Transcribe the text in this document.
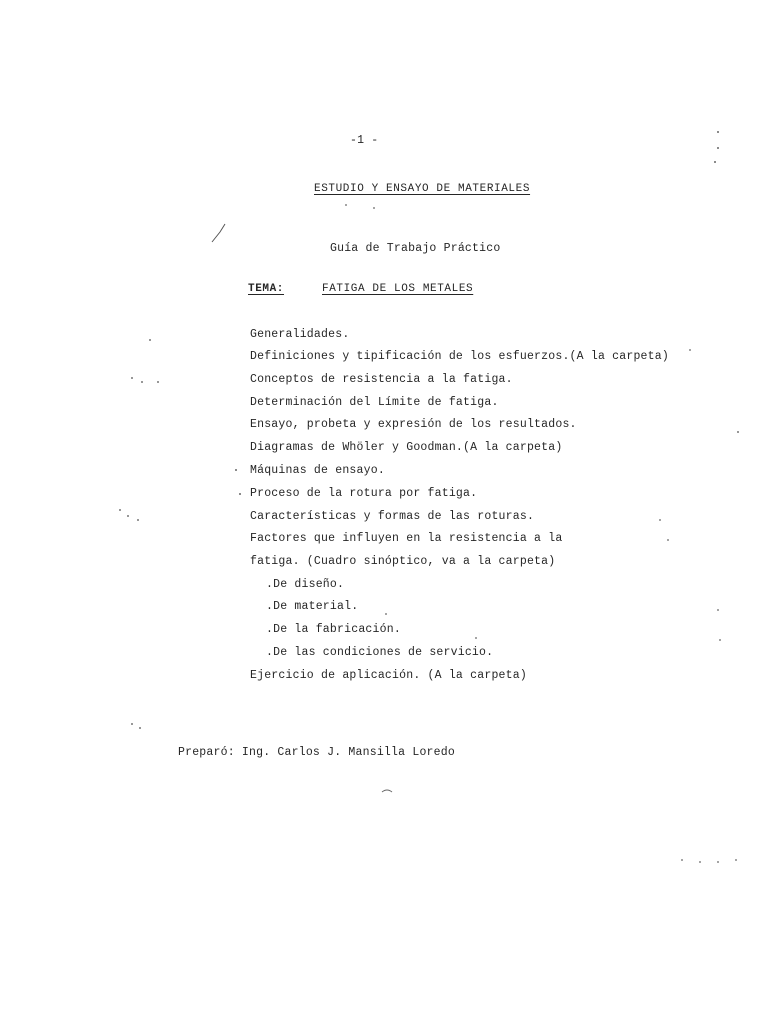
-1 -
ESTUDIO Y ENSAYO DE MATERIALES
Guía de Trabajo Práctico
TEMA:	FATIGA DE LOS METALES
Generalidades.
Definiciones y tipificación de los esfuerzos.(A la carpeta)
Conceptos de resistencia a la fatiga.
Determinación del Límite de fatiga.
Ensayo, probeta y expresión de los resultados.
Diagramas de Whöler y Goodman.(A la carpeta)
Máquinas de ensayo.
Proceso de la rotura por fatiga.
Características y formas de las roturas.
Factores que influyen en la resistencia a la
fatiga. (Cuadro sinóptico, va a la carpeta)
.De diseño.
.De material.
.De la fabricación.
.De las condiciones de servicio.
Ejercicio de aplicación. (A la carpeta)
Preparó: Ing. Carlos J. Mansilla Loredo
